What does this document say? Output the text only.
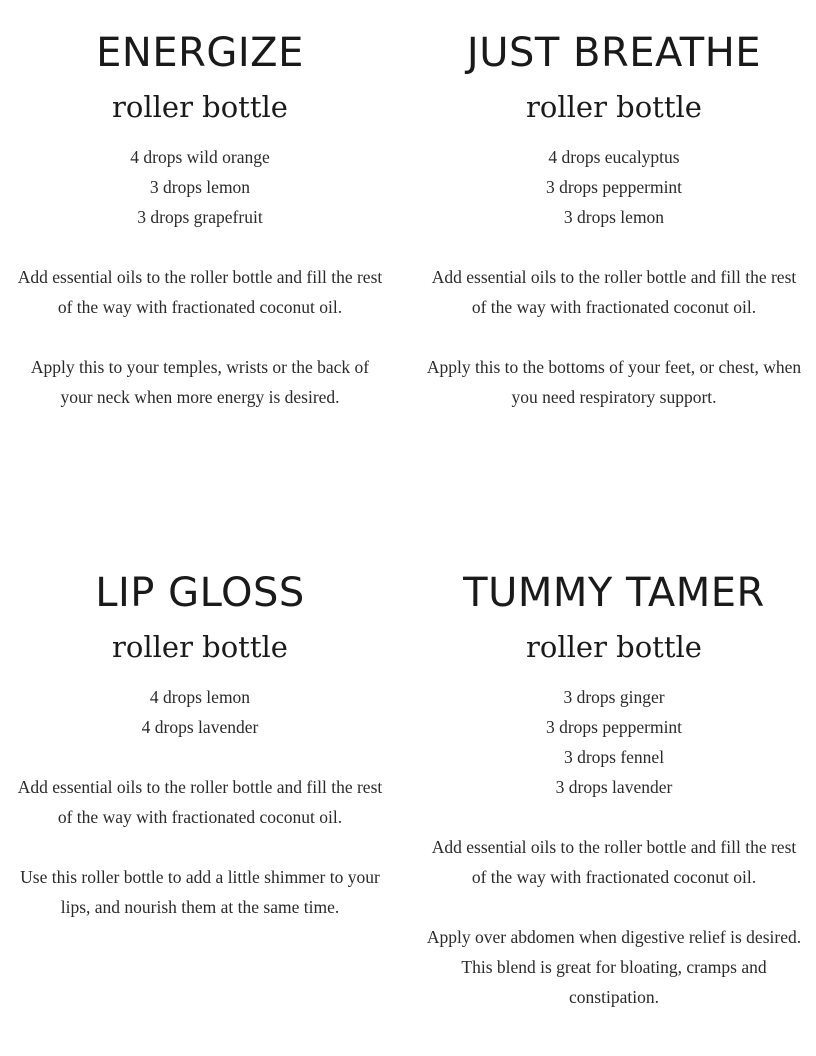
ENERGIZE
roller bottle
4 drops wild orange
3 drops lemon
3 drops grapefruit

Add essential oils to the roller bottle and fill the rest of the way with fractionated coconut oil.

Apply this to your temples, wrists or the back of your neck when more energy is desired.

JUST BREATHE
roller bottle
4 drops eucalyptus
3 drops peppermint
3 drops lemon

Add essential oils to the roller bottle and fill the rest of the way with fractionated coconut oil.

Apply this to the bottoms of your feet, or chest, when you need respiratory support.

LIP GLOSS
roller bottle
4 drops lemon
4 drops lavender

Add essential oils to the roller bottle and fill the rest of the way with fractionated coconut oil.

Use this roller bottle to add a little shimmer to your lips, and nourish them at the same time.

TUMMY TAMER
roller bottle
3 drops ginger
3 drops peppermint
3 drops fennel
3 drops lavender

Add essential oils to the roller bottle and fill the rest of the way with fractionated coconut oil.

Apply over abdomen when digestive relief is desired. This blend is great for bloating, cramps and constipation.
